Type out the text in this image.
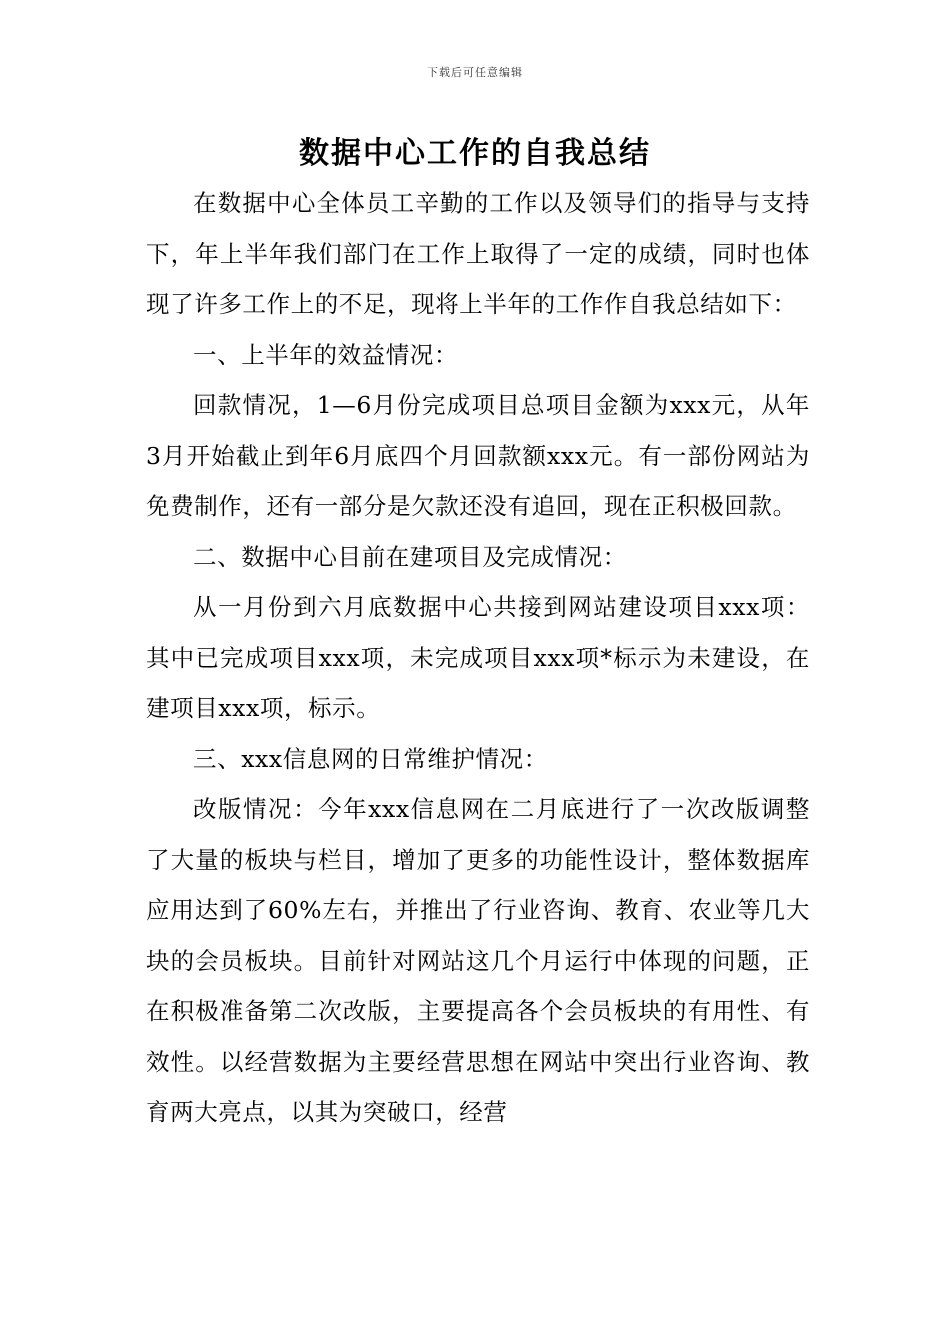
下载后可任意编辑
数据中心工作的自我总结

在数据中心全体员工辛勤的工作以及领导们的指导与支持下，年上半年我们部门在工作上取得了一定的成绩，同时也体现了许多工作上的不足，现将上半年的工作作自我总结如下：

一、上半年的效益情况：

回款情况，1—6月份完成项目总项目金额为xxx元，从年3月开始截止到年6月底四个月回款额xxx元。有一部份网站为免费制作，还有一部分是欠款还没有追回，现在正积极回款。

二、数据中心目前在建项目及完成情况：

从一月份到六月底数据中心共接到网站建设项目xxx项：其中已完成项目xxx项，未完成项目xxx项*标示为未建设，在建项目xxx项，标示。

三、xxx信息网的日常维护情况：

改版情况：今年xxx信息网在二月底进行了一次改版调整了大量的板块与栏目，增加了更多的功能性设计，整体数据库应用达到了60%左右，并推出了行业咨询、教育、农业等几大块的会员板块。目前针对网站这几个月运行中体现的问题，正在积极准备第二次改版，主要提高各个会员板块的有用性、有效性。以经营数据为主要经营思想在网站中突出行业咨询、教育两大亮点，以其为突破口，经营
